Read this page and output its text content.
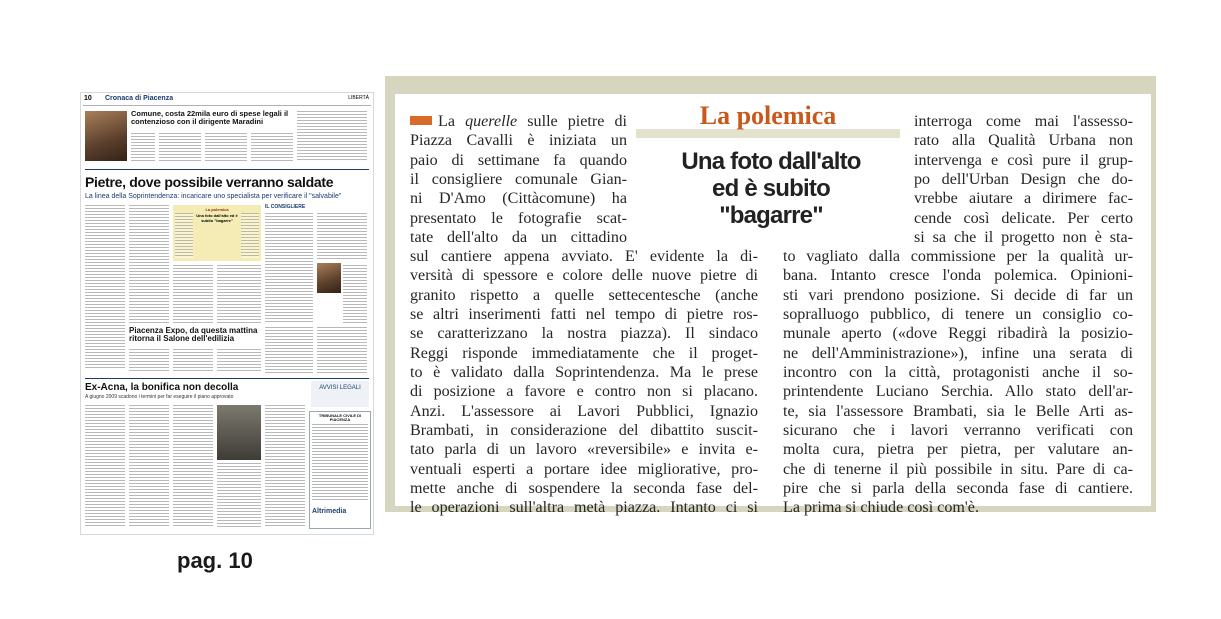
10 Cronaca di Piacenza	LIBERTÀ
Comune, costa 22mila euro di spese legali il contenzioso con il dirigente Maradini
Pietre, dove possibile verranno saldate
La linea della Soprintendenza: incaricare uno specialista per verificare il "salvabile"
La polemica
Una foto dall'alto ed è subito "bagarre"
IL CONSIGLIERE
Piacenza Expo, da questa mattina ritorna il Salone dell'edilizia
Ex-Acna, la bonifica non decolla
A giugno 2009 scadono i termini per far eseguire il piano approvato
AVVISI LEGALI
TRIBUNALE CIVILE DI PIACENZA
Altrimedia
pag. 10
La polemica
Una foto dall'alto
ed è subito
"bagarre"
La querelle sulle pietre di
Piazza Cavalli è iniziata un
paio di settimane fa quando
il consigliere comunale Gian-
ni D'Amo (Cittàcomune) ha
presentato le fotografie scat-
tate dell'alto da un cittadino
sul cantiere appena avviato. E' evidente la di-
versità di spessore e colore delle nuove pietre di
granito rispetto a quelle settecentesche (anche
se altri inserimenti fatti nel tempo di pietre ros-
se caratterizzano la nostra piazza). Il sindaco
Reggi risponde immediatamente che il proget-
to è validato dalla Soprintendenza. Ma le prese
di posizione a favore e contro non si placano.
Anzi. L'assessore ai Lavori Pubblici, Ignazio
Brambati, in considerazione del dibattito suscit-
tato parla di un lavoro «reversibile» e invita e-
ventuali esperti a portare idee migliorative, pro-
mette anche di sospendere la seconda fase del-
le operazioni sull'altra metà piazza. Intanto ci si
interroga come mai l'assesso-
rato alla Qualità Urbana non
intervenga e così pure il grup-
po dell'Urban Design che do-
vrebbe aiutare a dirimere fac-
cende così delicate. Per certo
si sa che il progetto non è sta-
to vagliato dalla commissione per la qualità ur-
bana. Intanto cresce l'onda polemica. Opinioni-
sti vari prendono posizione. Si decide di far un
sopralluogo pubblico, di tenere un consiglio co-
munale aperto («dove Reggi ribadirà la posizio-
ne dell'Amministrazione»), infine una serata di
incontro con la città, protagonisti anche il so-
printendente Luciano Serchia. Allo stato dell'ar-
te, sia l'assessore Brambati, sia le Belle Arti as-
sicurano che i lavori verranno verificati con
molta cura, pietra per pietra, per valutare an-
che di tenerne il più possibile in situ. Pare di ca-
pire che si parla della seconda fase di cantiere.
La prima si chiude così com'è.
